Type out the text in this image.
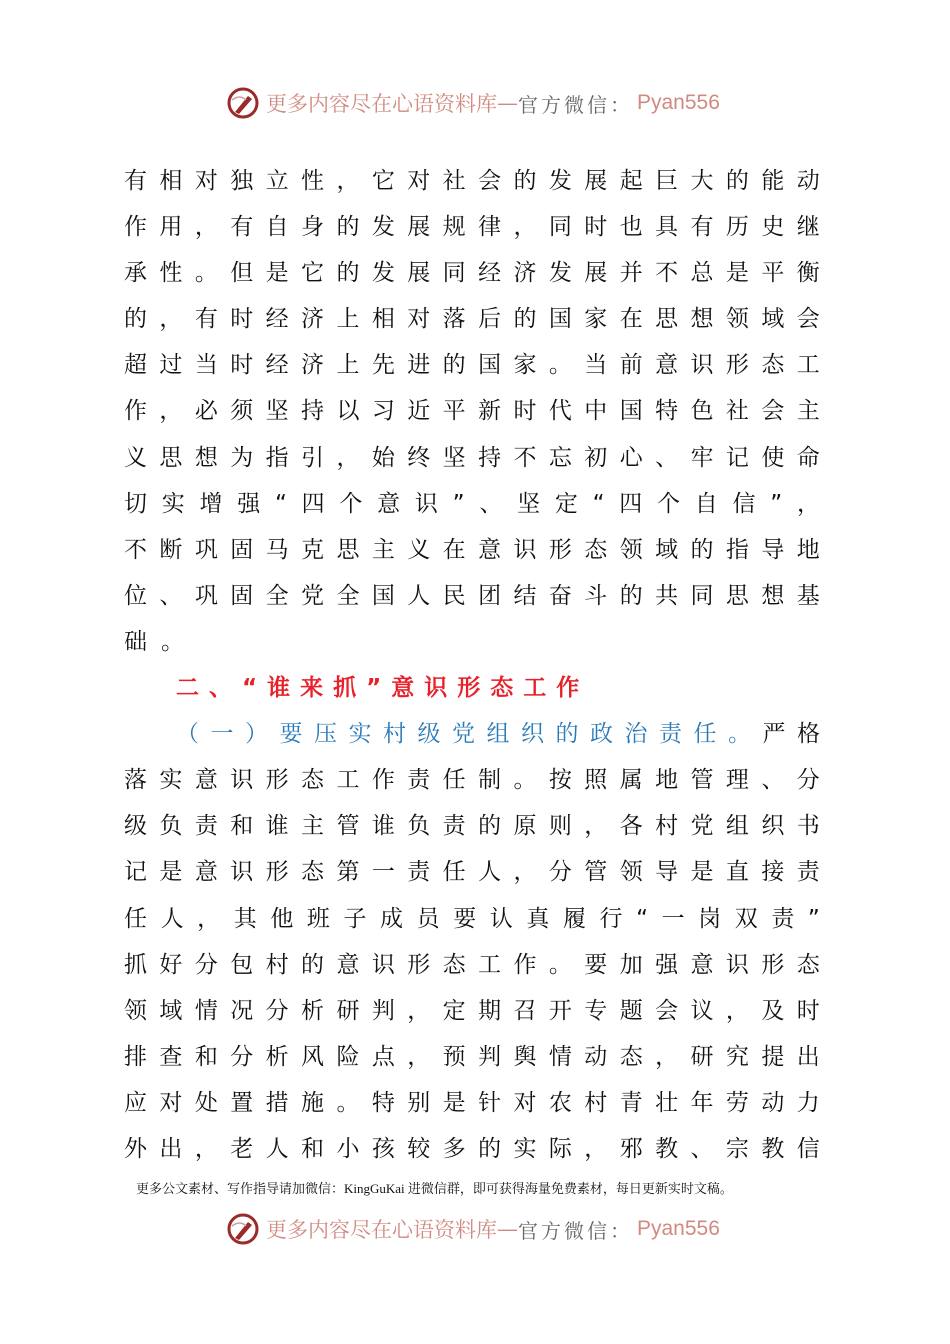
更多内容尽在心语资料库 — 官方微信： Pyan556
有 相 对 独 立 性 ， 它 对 社 会 的 发 展 起 巨 大 的 能 动
作 用 ， 有 自 身 的 发 展 规 律 ， 同 时 也 具 有 历 史 继
承 性 。 但 是 它 的 发 展 同 经 济 发 展 并 不 总 是 平 衡
的 ， 有 时 经 济 上 相 对 落 后 的 国 家 在 思 想 领 域 会
超 过 当 时 经 济 上 先 进 的 国 家 。 当 前 意 识 形 态 工
作 ， 必 须 坚 持 以 习 近 平 新 时 代 中 国 特 色 社 会 主
义 思 想 为 指 引 ， 始 终 坚 持 不 忘 初 心 、 牢 记 使 命
切 实 增 强 “ 四 个 意 识 ” 、 坚 定 “ 四 个 自 信 ” ，
不 断 巩 固 马 克 思 主 义 在 意 识 形 态 领 域 的 指 导 地
位 、 巩 固 全 党 全 国 人 民 团 结 奋 斗 的 共 同 思 想 基
础。
二、“谁来抓”意识形态工作
（一）要压实村级党组织的政治责任。 严格
落 实 意 识 形 态 工 作 责 任 制 。 按 照 属 地 管 理 、 分
级 负 责 和 谁 主 管 谁 负 责 的 原 则 ， 各 村 党 组 织 书
记 是 意 识 形 态 第 一 责 任 人 ， 分 管 领 导 是 直 接 责
任 人 ， 其 他 班 子 成 员 要 认 真 履 行 “ 一 岗 双 责 ”
抓 好 分 包 村 的 意 识 形 态 工 作 。 要 加 强 意 识 形 态
领 域 情 况 分 析 研 判 ， 定 期 召 开 专 题 会 议 ， 及 时
排 查 和 分 析 风 险 点 ， 预 判 舆 情 动 态 ， 研 究 提 出
应 对 处 置 措 施 。 特 别 是 针 对 农 村 青 壮 年 劳 动 力
外 出 ， 老 人 和 小 孩 较 多 的 实 际 ， 邪 教 、 宗 教 信
更多公文素材、写作指导请加微信：KingGuKai 进微信群，即可获得海量免费素材，每日更新实时文稿。
更多内容尽在心语资料库 — 官方微信： Pyan556
